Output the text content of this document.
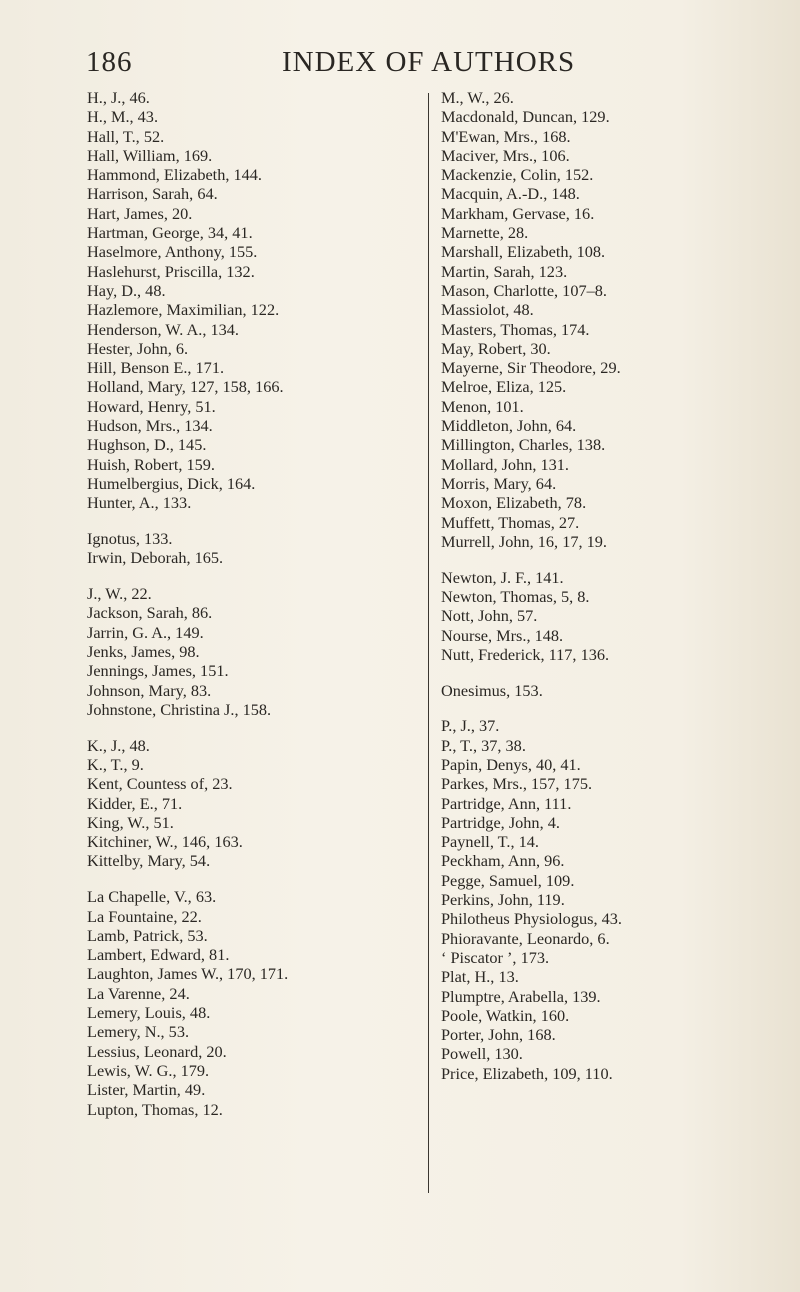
186	INDEX OF AUTHORS
H., J., 46.
H., M., 43.
Hall, T., 52.
Hall, William, 169.
Hammond, Elizabeth, 144.
Harrison, Sarah, 64.
Hart, James, 20.
Hartman, George, 34, 41.
Haselmore, Anthony, 155.
Haslehurst, Priscilla, 132.
Hay, D., 48.
Hazlemore, Maximilian, 122.
Henderson, W. A., 134.
Hester, John, 6.
Hill, Benson E., 171.
Holland, Mary, 127, 158, 166.
Howard, Henry, 51.
Hudson, Mrs., 134.
Hughson, D., 145.
Huish, Robert, 159.
Humelbergius, Dick, 164.
Hunter, A., 133.
Ignotus, 133.
Irwin, Deborah, 165.
J., W., 22.
Jackson, Sarah, 86.
Jarrin, G. A., 149.
Jenks, James, 98.
Jennings, James, 151.
Johnson, Mary, 83.
Johnstone, Christina J., 158.
K., J., 48.
K., T., 9.
Kent, Countess of, 23.
Kidder, E., 71.
King, W., 51.
Kitchiner, W., 146, 163.
Kittelby, Mary, 54.
La Chapelle, V., 63.
La Fountaine, 22.
Lamb, Patrick, 53.
Lambert, Edward, 81.
Laughton, James W., 170, 171.
La Varenne, 24.
Lemery, Louis, 48.
Lemery, N., 53.
Lessius, Leonard, 20.
Lewis, W. G., 179.
Lister, Martin, 49.
Lupton, Thomas, 12.
M., W., 26.
Macdonald, Duncan, 129.
M'Ewan, Mrs., 168.
Maciver, Mrs., 106.
Mackenzie, Colin, 152.
Macquin, A.-D., 148.
Markham, Gervase, 16.
Marnette, 28.
Marshall, Elizabeth, 108.
Martin, Sarah, 123.
Mason, Charlotte, 107–8.
Massiolot, 48.
Masters, Thomas, 174.
May, Robert, 30.
Mayerne, Sir Theodore, 29.
Melroe, Eliza, 125.
Menon, 101.
Middleton, John, 64.
Millington, Charles, 138.
Mollard, John, 131.
Morris, Mary, 64.
Moxon, Elizabeth, 78.
Muffett, Thomas, 27.
Murrell, John, 16, 17, 19.
Newton, J. F., 141.
Newton, Thomas, 5, 8.
Nott, John, 57.
Nourse, Mrs., 148.
Nutt, Frederick, 117, 136.
Onesimus, 153.
P., J., 37.
P., T., 37, 38.
Papin, Denys, 40, 41.
Parkes, Mrs., 157, 175.
Partridge, Ann, 111.
Partridge, John, 4.
Paynell, T., 14.
Peckham, Ann, 96.
Pegge, Samuel, 109.
Perkins, John, 119.
Philotheus Physiologus, 43.
Phioravante, Leonardo, 6.
‘ Piscator ’, 173.
Plat, H., 13.
Plumptre, Arabella, 139.
Poole, Watkin, 160.
Porter, John, 168.
Powell, 130.
Price, Elizabeth, 109, 110.
